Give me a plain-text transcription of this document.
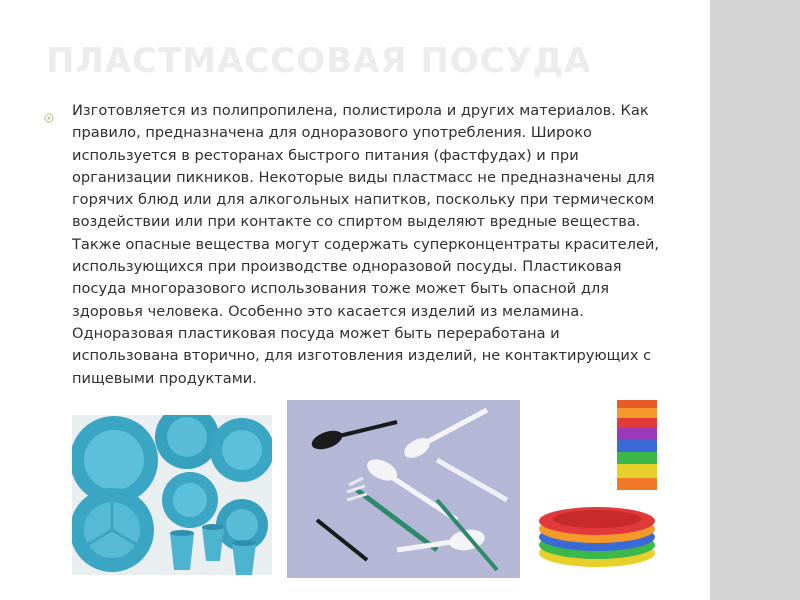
ПЛАСТМАССОВАЯ ПОСУДА
Изготовляется из полипропилена, полистирола и других материалов. Как правило, предназначена для одноразового употребления. Широко используется в ресторанах быстрого питания (фастфудах) и при организации пикников. Некоторые виды пластмасс не предназначены для горячих блюд или для алкогольных напитков, поскольку при термическом воздействии или при контакте со спиртом выделяют вредные вещества. Также опасные вещества могут содержать суперконцентраты красителей, использующихся при производстве одноразовой посуды. Пластиковая посуда многоразового использования тоже может быть опасной для здоровья человека. Особенно это касается изделий из меламина. Одноразовая пластиковая посуда может быть переработана и использована вторично, для изготовления изделий, не контактирующих с пищевыми продуктами.
